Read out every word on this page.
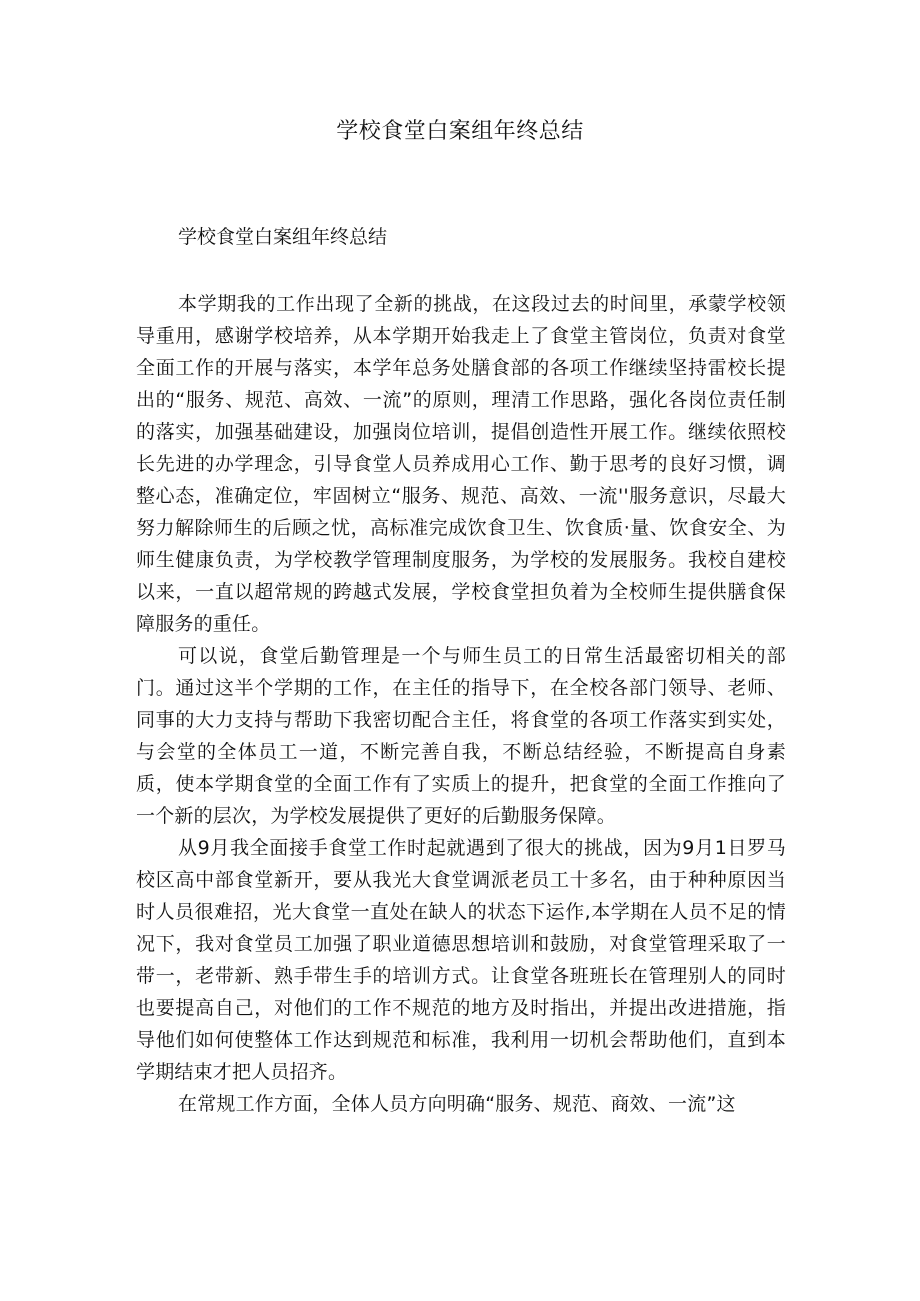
学校食堂白案组年终总结
学校食堂白案组年终总结

本学期我的工作出现了全新的挑战，在这段过去的时间里，承蒙学校领导重用，感谢学校培养，从本学期开始我走上了食堂主管岗位，负责对食堂全面工作的开展与落实，本学年总务处膳食部的各项工作继续坚持雷校长提出的“服务、规范、高效、一流”的原则，理清工作思路，强化各岗位责任制的落实，加强基础建设，加强岗位培训，提倡创造性开展工作。继续依照校长先进的办学理念，引导食堂人员养成用心工作、勤于思考的良好习惯，调整心态，准确定位，牢固树立“服务、规范、高效、一流''服务意识，尽最大努力解除师生的后顾之忧，高标准完成饮食卫生、饮食质·量、饮食安全、为师生健康负责，为学校教学管理制度服务，为学校的发展服务。我校自建校以来，一直以超常规的跨越式发展，学校食堂担负着为全校师生提供膳食保障服务的重任。

可以说，食堂后勤管理是一个与师生员工的日常生活最密切相关的部门。通过这半个学期的工作，在主任的指导下，在全校各部门领导、老师、同事的大力支持与帮助下我密切配合主任，将食堂的各项工作落实到实处，与会堂的全体员工一道，不断完善自我，不断总结经验，不断提高自身素质，使本学期食堂的全面工作有了实质上的提升，把食堂的全面工作推向了一个新的层次，为学校发展提供了更好的后勤服务保障。

从9月我全面接手食堂工作时起就遇到了很大的挑战，因为9月1日罗马校区高中部食堂新开，要从我光大食堂调派老员工十多名，由于种种原因当时人员很难招，光大食堂一直处在缺人的状态下运作,本学期在人员不足的情况下，我对食堂员工加强了职业道德思想培训和鼓励，对食堂管理采取了一带一，老带新、熟手带生手的培训方式。让食堂各班班长在管理别人的同时也要提高自己，对他们的工作不规范的地方及时指出，并提出改进措施，指导他们如何使整体工作达到规范和标准，我利用一切机会帮助他们，直到本学期结束才把人员招齐。

在常规工作方面，全体人员方向明确“服务、规范、商效、一流”这
